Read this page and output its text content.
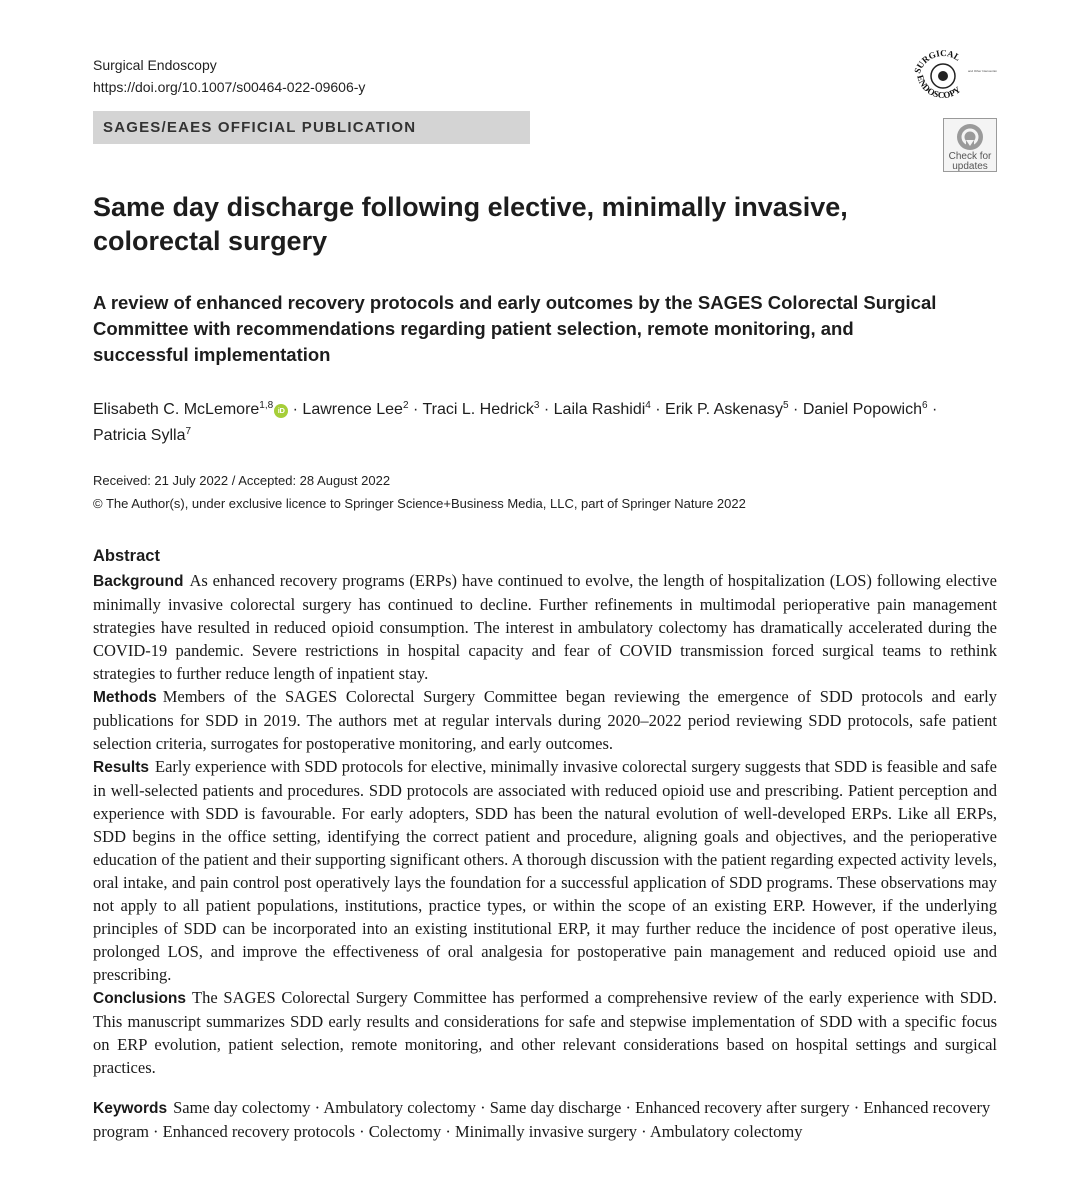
Surgical Endoscopy
https://doi.org/10.1007/s00464-022-09606-y
SAGES/EAES OFFICIAL PUBLICATION
SURGICAL
ENDOSCOPY
and Other Interventio
Check for
updates
Same day discharge following elective, minimally invasive, colorectal surgery
A review of enhanced recovery protocols and early outcomes by the SAGES Colorectal Surgical Committee with recommendations regarding patient selection, remote monitoring, and successful implementation
Elisabeth C. McLemore$^{1,8}$ iD · Lawrence Lee$^2$ · Traci L. Hedrick$^3$ · Laila Rashidi$^4$ · Erik P. Askenasy$^5$ · Daniel Popowich$^6$ ·
Patricia Sylla$^7$
Received: 21 July 2022 / Accepted: 28 August 2022
© The Author(s), under exclusive licence to Springer Science+Business Media, LLC, part of Springer Nature 2022
Abstract

Background As enhanced recovery programs (ERPs) have continued to evolve, the length of hospitalization (LOS) following elective minimally invasive colorectal surgery has continued to decline. Further refinements in multimodal perioperative pain management strategies have resulted in reduced opioid consumption. The interest in ambulatory colectomy has dramatically accelerated during the COVID-19 pandemic. Severe restrictions in hospital capacity and fear of COVID transmission forced surgical teams to rethink strategies to further reduce length of inpatient stay.

Methods Members of the SAGES Colorectal Surgery Committee began reviewing the emergence of SDD protocols and early publications for SDD in 2019. The authors met at regular intervals during 2020–2022 period reviewing SDD protocols, safe patient selection criteria, surrogates for postoperative monitoring, and early outcomes.

Results Early experience with SDD protocols for elective, minimally invasive colorectal surgery suggests that SDD is feasible and safe in well-selected patients and procedures. SDD protocols are associated with reduced opioid use and prescribing. Patient perception and experience with SDD is favourable. For early adopters, SDD has been the natural evolution of well-developed ERPs. Like all ERPs, SDD begins in the office setting, identifying the correct patient and procedure, aligning goals and objectives, and the perioperative education of the patient and their supporting significant others. A thorough discussion with the patient regarding expected activity levels, oral intake, and pain control post operatively lays the foundation for a successful application of SDD programs. These observations may not apply to all patient populations, institutions, practice types, or within the scope of an existing ERP. However, if the underlying principles of SDD can be incorporated into an existing institutional ERP, it may further reduce the incidence of post operative ileus, prolonged LOS, and improve the effectiveness of oral analgesia for postoperative pain management and reduced opioid use and prescribing.

Conclusions The SAGES Colorectal Surgery Committee has performed a comprehensive review of the early experience with SDD. This manuscript summarizes SDD early results and considerations for safe and stepwise implementation of SDD with a specific focus on ERP evolution, patient selection, remote monitoring, and other relevant considerations based on hospital settings and surgical practices.

Keywords Same day colectomy · Ambulatory colectomy · Same day discharge · Enhanced recovery after surgery · Enhanced recovery program · Enhanced recovery protocols · Colectomy · Minimally invasive surgery · Ambulatory colectomy
